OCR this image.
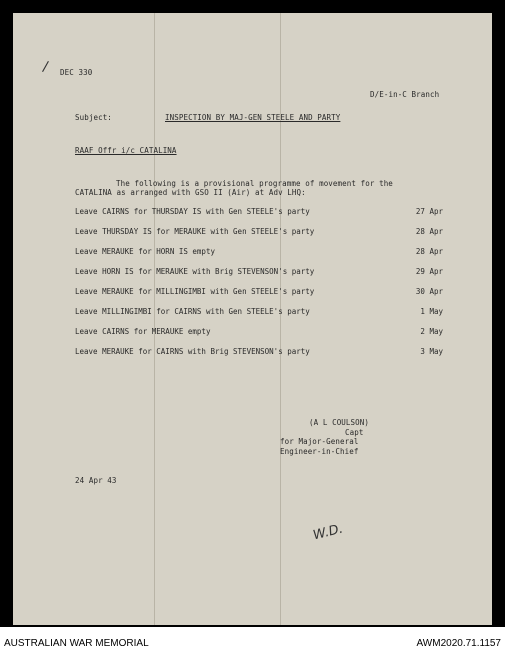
/ DEC 330
D/E-in-C Branch
Subject:	INSPECTION BY MAJ-GEN STEELE AND PARTY
RAAF Offr i/c CATALINA
The following is a provisional programme of movement for the
CATALINA as arranged with GSO II (Air) at Adv LHQ:
Leave CAIRNS for THURSDAY IS with Gen STEELE's party	27 Apr
Leave THURSDAY IS for MERAUKE with Gen STEELE's party	28 Apr
Leave MERAUKE for HORN IS empty	28 Apr
Leave HORN IS for MERAUKE with Brig STEVENSON's party	29 Apr
Leave MERAUKE for MILLINGIMBI with Gen STEELE's party	30 Apr
Leave MILLINGIMBI for CAIRNS with Gen STEELE's party	1 May
Leave CAIRNS for MERAUKE empty	2 May
Leave MERAUKE for CAIRNS with Brig STEVENSON's party	3 May
(A L COULSON)
Capt
for Major-General
Engineer-in-Chief
24 Apr 43
W.D.
AUSTRALIAN WAR MEMORIAL	AWM2020.71.1157
